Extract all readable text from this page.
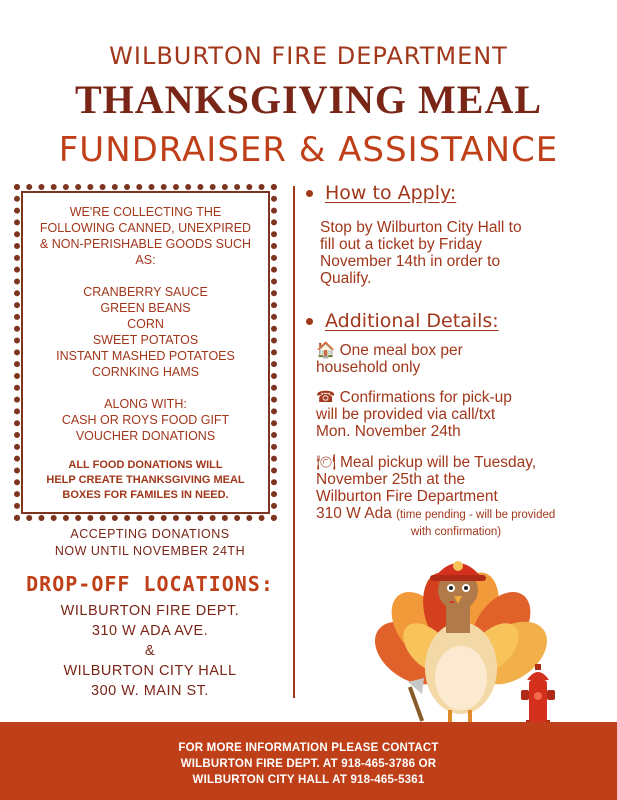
WILBURTON FIRE DEPARTMENT
THANKSGIVING MEAL
FUNDRAISER & ASSISTANCE
WE'RE COLLECTING THE
FOLLOWING CANNED, UNEXPIRED
& NON-PERISHABLE GOODS SUCH
AS:
CRANBERRY SAUCE
GREEN BEANS
CORN
SWEET POTATOS
INSTANT MASHED POTATOES
CORNKING HAMS
ALONG WITH:
CASH OR ROYS FOOD GIFT
VOUCHER DONATIONS
ALL FOOD DONATIONS WILL
HELP CREATE THANKSGIVING MEAL
BOXES FOR FAMILES IN NEED.
ACCEPTING DONATIONS
NOW UNTIL NOVEMBER 24TH
DROP-OFF LOCATIONS:
WILBURTON FIRE DEPT.
310 W ADA AVE.
&
WILBURTON CITY HALL
300 W. MAIN ST.
How to Apply:
Stop by Wilburton City Hall to
fill out a ticket by Friday
November 14th in order to
Qualify.
Additional Details:
🏠 One meal box per
household only
☎ Confirmations for pick-up
will be provided via call/txt
Mon. November 24th
🍽 Meal pickup will be Tuesday,
November 25th at the
Wilburton Fire Department
310 W Ada (time pending - will be provided
with confirmation)
FOR MORE INFORMATION PLEASE CONTACT
WILBURTON FIRE DEPT. AT 918-465-3786 OR
WILBURTON CITY HALL AT 918-465-5361
